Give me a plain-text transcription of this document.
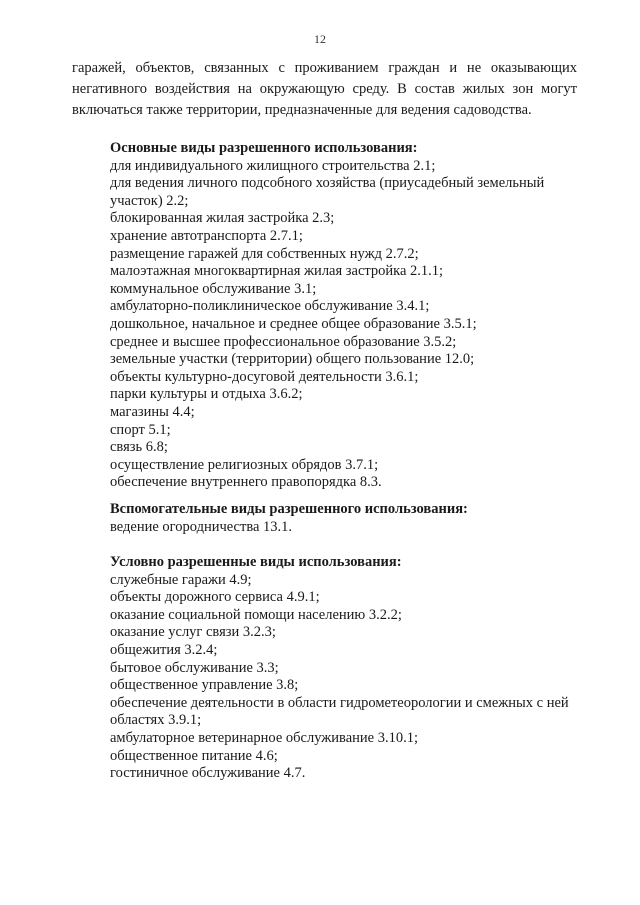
12
гаражей, объектов, связанных с проживанием граждан и не оказывающих
негативного воздействия на окружающую среду. В состав жилых зон могут
включаться также территории, предназначенные для ведения садоводства.
Основные виды разрешенного использования:
для индивидуального жилищного строительства 2.1;
для ведения личного подсобного хозяйства (приусадебный земельный
участок) 2.2;
блокированная жилая застройка 2.3;
хранение автотранспорта 2.7.1;
размещение гаражей для собственных нужд 2.7.2;
малоэтажная многоквартирная жилая застройка 2.1.1;
коммунальное обслуживание 3.1;
амбулаторно-поликлиническое обслуживание 3.4.1;
дошкольное, начальное и среднее общее образование 3.5.1;
среднее и высшее профессиональное образование 3.5.2;
земельные участки (территории) общего пользование 12.0;
объекты культурно-досуговой деятельности 3.6.1;
парки культуры и отдыха 3.6.2;
магазины 4.4;
спорт 5.1;
связь 6.8;
осуществление религиозных обрядов 3.7.1;
обеспечение внутреннего правопорядка 8.3.
Вспомогательные виды разрешенного использования:
ведение огородничества 13.1.
Условно разрешенные виды использования:
служебные гаражи 4.9;
объекты дорожного сервиса 4.9.1;
оказание социальной помощи населению 3.2.2;
оказание услуг связи 3.2.3;
общежития 3.2.4;
бытовое обслуживание 3.3;
общественное управление 3.8;
обеспечение деятельности в области гидрометеорологии и смежных с ней
областях 3.9.1;
амбулаторное ветеринарное обслуживание 3.10.1;
общественное питание 4.6;
гостиничное обслуживание 4.7.
